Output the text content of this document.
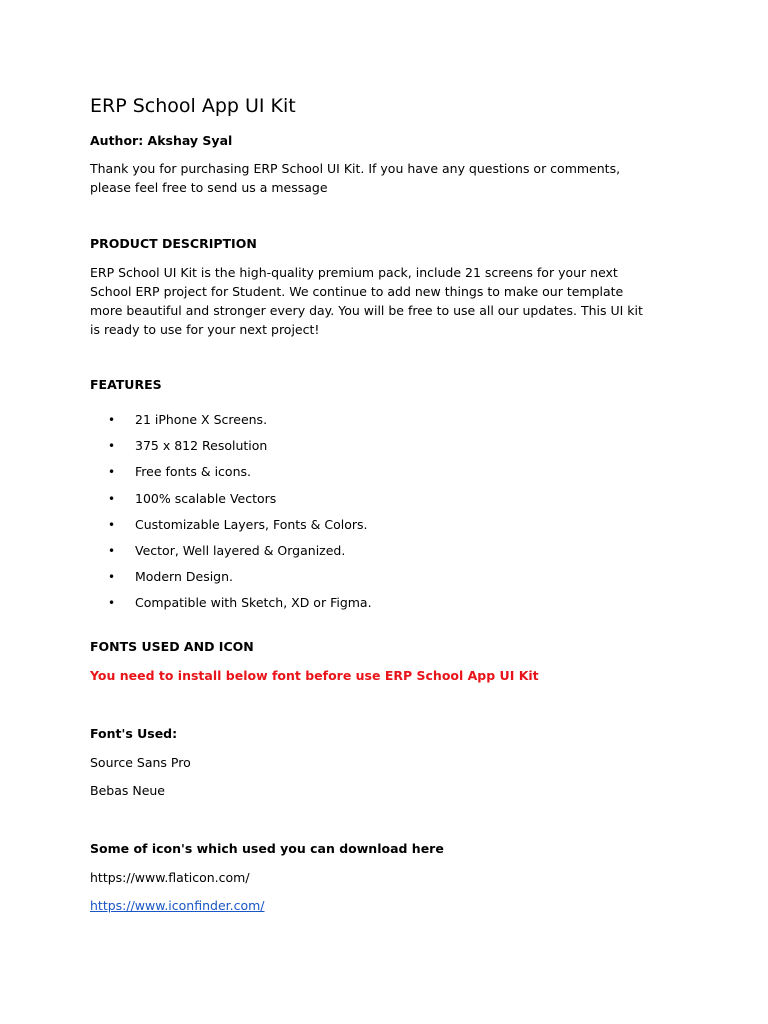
ERP School App UI Kit

Author: Akshay Syal

Thank you for purchasing ERP School UI Kit. If you have any questions or comments,
please feel free to send us a message

PRODUCT DESCRIPTION

ERP School UI Kit is the high-quality premium pack, include 21 screens for your next
School ERP project for Student. We continue to add new things to make our template
more beautiful and stronger every day. You will be free to use all our updates. This UI kit
is ready to use for your next project!

FEATURES
• 21 iPhone X Screens.
• 375 x 812 Resolution
• Free fonts & icons.
• 100% scalable Vectors
• Customizable Layers, Fonts & Colors.
• Vector, Well layered & Organized.
• Modern Design.
• Compatible with Sketch, XD or Figma.
FONTS USED AND ICON

You need to install below font before use ERP School App UI Kit

Font's Used:
Source Sans Pro
Bebas Neue
Some of icon's which used you can download here
https://www.flaticon.com/
https://www.iconfinder.com/
